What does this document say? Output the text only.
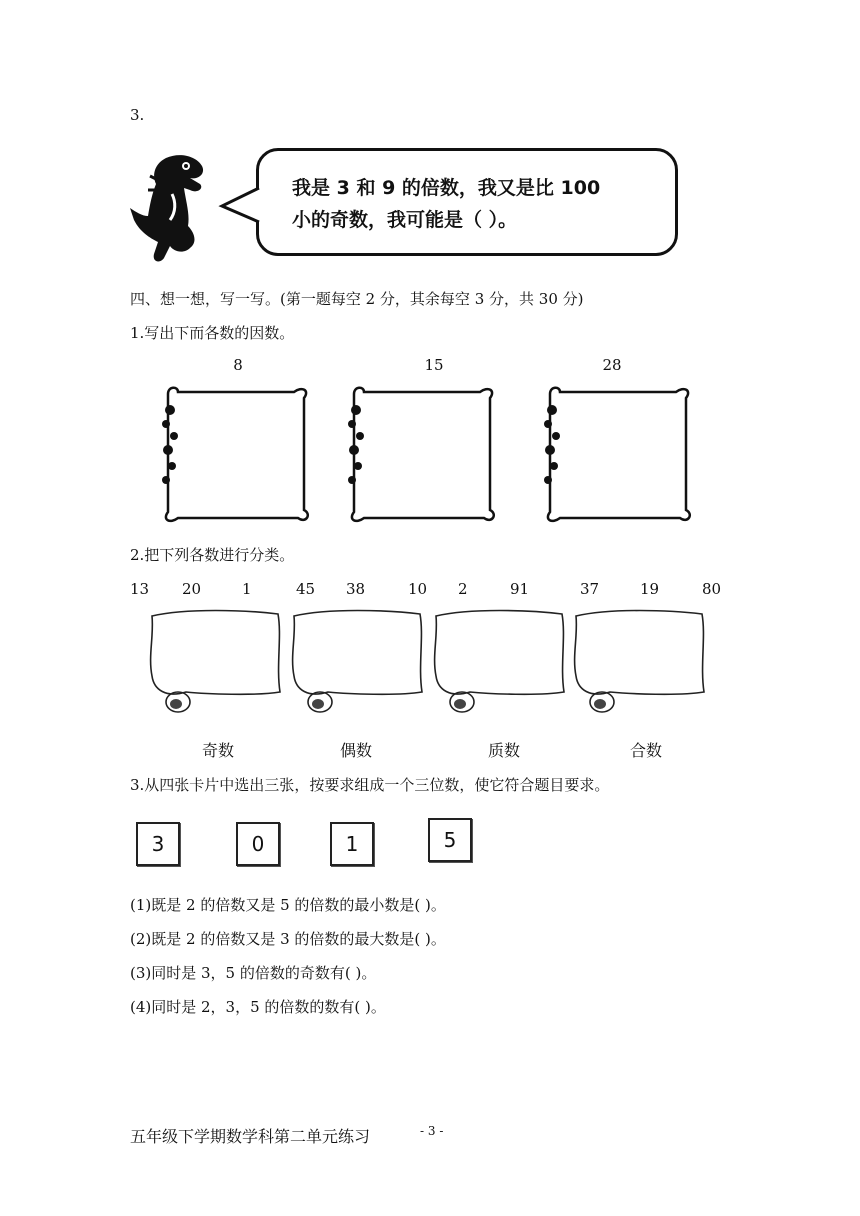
3.
我是 3 和 9 的倍数，我又是比 100
小的奇数，我可能是（ ）。
四、想一想，写一写。(第一题每空 2 分，其余每空 3 分，共 30 分)
1.写出下而各数的因数。
8	15	28
2.把下列各数进行分类。
13 20	1	45 38	10 2	91	37	19	80
奇数	偶数	质数	合数
3.从四张卡片中选出三张，按要求组成一个三位数，使它符合题目要求。
3	0	1	5
(1)既是 2 的倍数又是 5 的倍数的最小数是( )。
(2)既是 2 的倍数又是 3 的倍数的最大数是( )。
(3)同时是 3，5 的倍数的奇数有( )。
(4)同时是 2，3，5 的倍数的数有( )。
五年级下学期数学科第二单元练习	- 3 -
